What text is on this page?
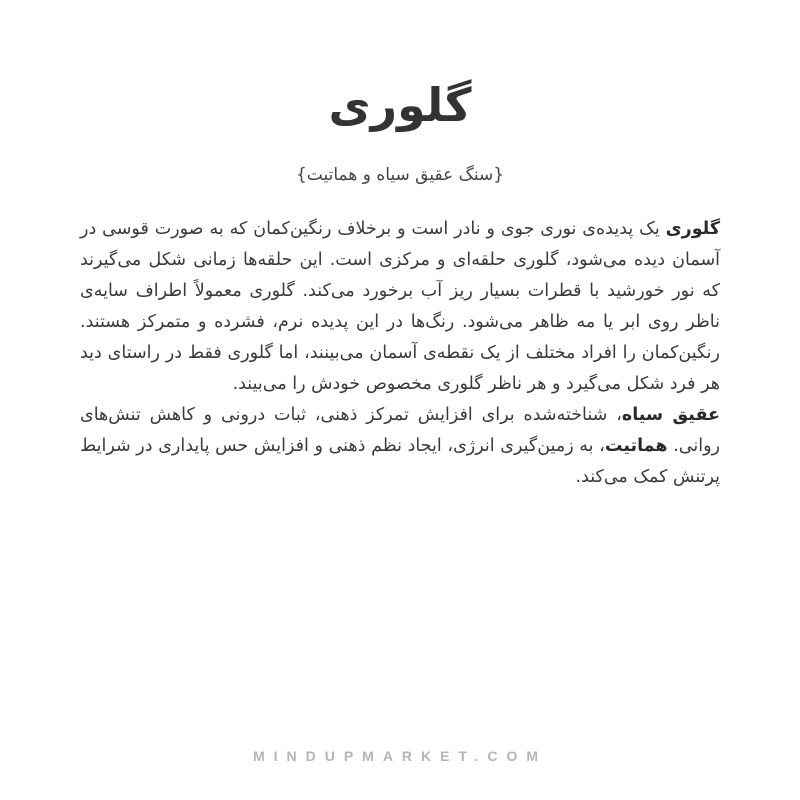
گلوری
{سنگ عقیق سیاه و هماتیت}

گلوری یک پدیده‌ی نوری جوی و نادر است و برخلاف رنگین‌کمان که به صورت قوسی در آسمان دیده می‌شود، گلوری حلقه‌ای و مرکزی است. این حلقه‌ها زمانی شکل می‌گیرند که نور خورشید با قطرات بسیار ریز آب برخورد می‌کند. گلوری معمولاً اطراف سایه‌ی ناظر روی ابر یا مه ظاهر می‌شود. رنگ‌ها در این پدیده نرم، فشرده و متمرکز هستند. رنگین‌کمان را افراد مختلف از یک نقطه‌ی آسمان می‌بینند، اما گلوری فقط در راستای دید هر فرد شکل می‌گیرد و هر ناظر گلوری مخصوص خودش را می‌بیند.

عقیق سیاه، شناخته‌شده برای افزایش تمرکز ذهنی، ثبات درونی و کاهش تنش‌های روانی. هماتیت، به زمین‌گیری انرژی، ایجاد نظم ذهنی و افزایش حس پایداری در شرایط پرتنش کمک می‌کند.

MINDUPMARKET.COM
